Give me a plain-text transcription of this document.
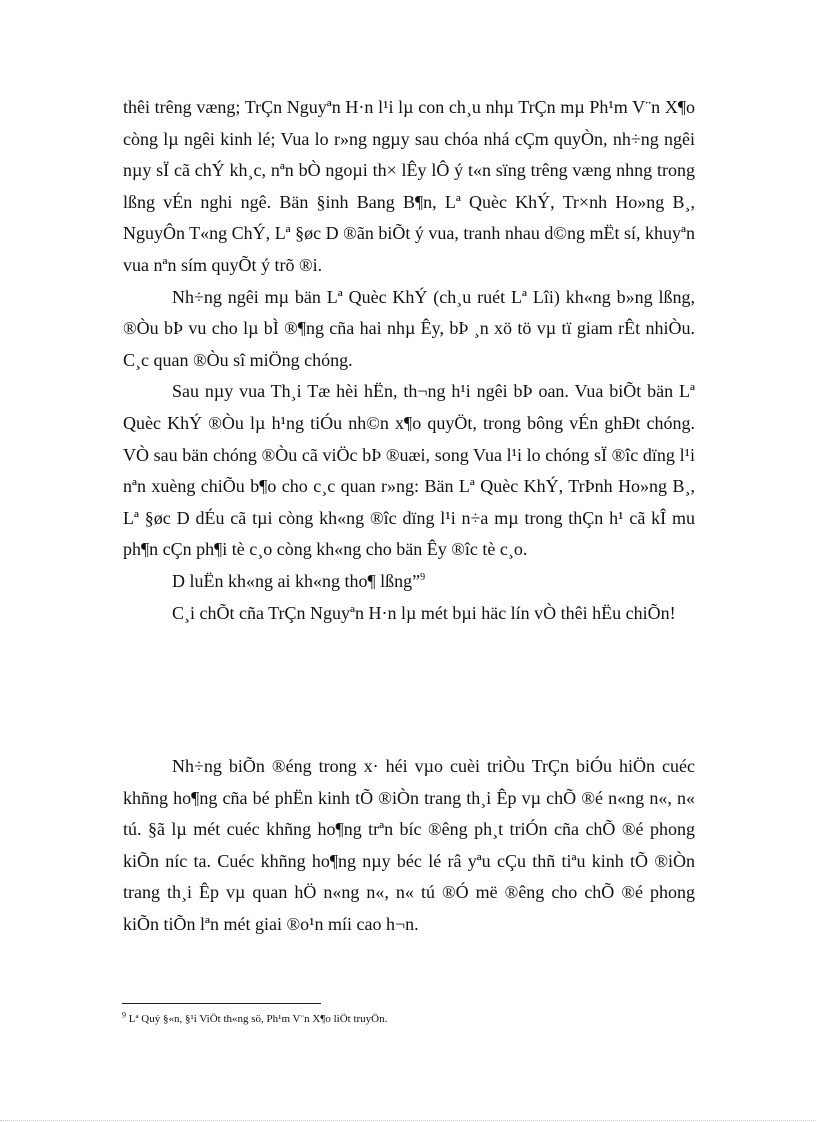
thêi trêng væng; TrÇn Nguyªn H·n l¹i lµ con ch¸u nhµ TrÇn mµ Ph¹m V¨n X¶o còng lµ ngêi kinh lé; Vua lo r»ng ngµy sau chóa nhá cÇm quyÒn, nh÷ng ngêi nµy sÏ cã chÝ kh¸c, nªn bÒ ngoµi th× lÊy lÔ ý t«n sïng trêng væng nhng trong lßng vÉn nghi ngê. Bän §inh Bang B¶n, Lª Quèc KhÝ, Tr×nh Ho»ng B¸, NguyÔn T«ng ChÝ, Lª §øc D ®ãn biÕt ý vua, tranh nhau d©ng mËt sí, khuyªn vua nªn sím quyÕt ý trõ ®i.

Nh÷ng ngêi mµ bän Lª Quèc KhÝ (ch¸u ruét Lª Lîi) kh«ng b»ng lßng, ®Òu bÞ vu cho lµ bÌ ®¶ng cña hai nhµ Êy, bÞ ¸n xö tö vµ tï giam rÊt nhiÒu. C¸c quan ®Òu sî miÖng chóng.

Sau nµy vua Th¸i Tæ hèi hËn, th¬ng h¹i ngêi bÞ oan. Vua biÕt bän Lª Quèc KhÝ ®Òu lµ h¹ng tiÓu nh©n x¶o quyÖt, trong bông vÉn ghÐt chóng. VÒ sau bän chóng ®Òu cã viÖc bÞ ®uæi, song Vua l¹i lo chóng sÏ ®îc dïng l¹i nªn xuèng chiÕu b¶o cho c¸c quan r»ng: Bän Lª Quèc KhÝ, TrÞnh Ho»ng B¸, Lª §øc D dÉu cã tµi còng kh«ng ®îc dïng l¹i n÷a mµ trong thÇn h¹ cã kÎ mu ph¶n cÇn ph¶i tè c¸o còng kh«ng cho bän Êy ®îc tè c¸o.

D luËn kh«ng ai kh«ng tho¶ lßng”$^9$

C¸i chÕt cña TrÇn Nguyªn H·n lµ mét bµi häc lín vÒ thêi hËu chiÕn!

Nh÷ng biÕn ®éng trong x· héi vµo cuèi triÒu TrÇn biÓu hiÖn cuéc khñng ho¶ng cña bé phËn kinh tÕ ®iÒn trang th¸i Êp vµ chÕ ®é n«ng n«, n« tú. §ã lµ mét cuéc khñng ho¶ng trªn bíc ®êng ph¸t triÓn cña chÕ ®é phong kiÕn níc ta. Cuéc khñng ho¶ng nµy béc lé râ yªu cÇu thñ tiªu kinh tÕ ®iÒn trang th¸i Êp vµ quan hÖ n«ng n«, n« tú ®Ó më ®êng cho chÕ ®é phong kiÕn tiÕn lªn mét giai ®o¹n míi cao h¬n.

$^9$ Lª Quý §«n, §¹i ViÖt th«ng sö, Ph¹m V¨n X¶o liÖt truyÖn.
